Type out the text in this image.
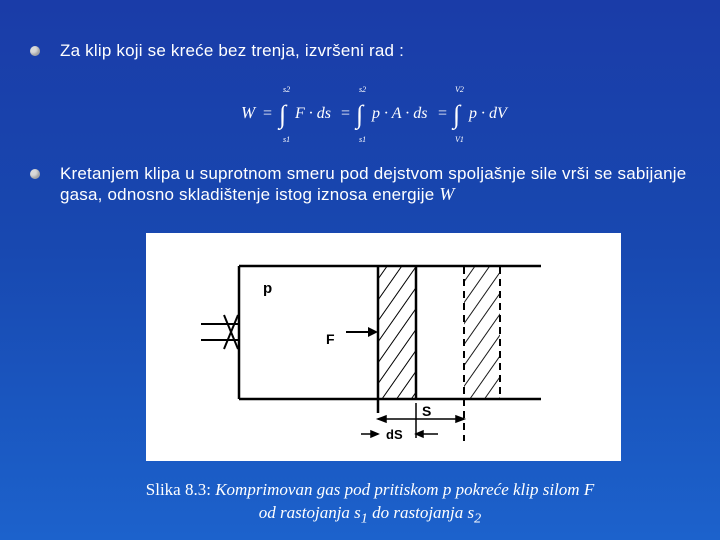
Za klip koji se kreće bez trenja, izvršeni rad :
W = ∫
s2
s1
F · ds = ∫
s2
s1
p · A · ds = ∫
V2
V1
p · dV
Kretanjem klipa u suprotnom smeru pod dejstvom spoljašnje sile vrši se sabijanje gasa, odnosno skladištenje istog iznosa energije W
p
F
S
dS
Slika 8.3: Komprimovan gas pod pritiskom p pokreće klip silom F
od rastojanja $s_1$ do rastojanja $s_2$
